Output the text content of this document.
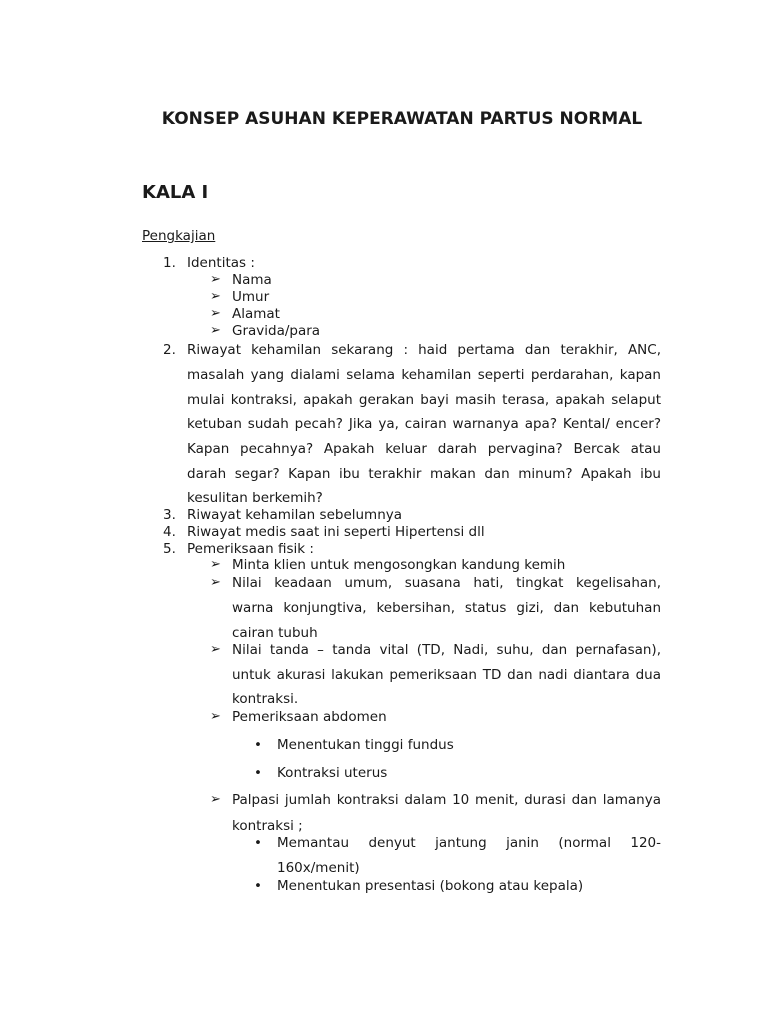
KONSEP ASUHAN KEPERAWATAN PARTUS NORMAL
KALA I
Pengkajian
1. Identitas :
➢ Nama
➢ Umur
➢ Alamat
➢ Gravida/para
2. Riwayat kehamilan sekarang : haid pertama dan terakhir, ANC,
masalah yang dialami selama kehamilan seperti perdarahan, kapan
mulai kontraksi, apakah gerakan bayi masih terasa, apakah selaput
ketuban sudah pecah? Jika ya, cairan warnanya apa? Kental/ encer?
Kapan pecahnya? Apakah keluar darah pervagina? Bercak atau
darah segar? Kapan ibu terakhir makan dan minum? Apakah ibu
kesulitan berkemih?
3. Riwayat kehamilan sebelumnya
4. Riwayat medis saat ini seperti Hipertensi dll
5. Pemeriksaan fisik :
➢ Minta klien untuk mengosongkan kandung kemih
➢ Nilai keadaan umum, suasana hati, tingkat kegelisahan,
warna konjungtiva, kebersihan, status gizi, dan kebutuhan
cairan tubuh
➢ Nilai tanda – tanda vital (TD, Nadi, suhu, dan pernafasan),
untuk akurasi lakukan pemeriksaan TD dan nadi diantara dua
kontraksi.
➢ Pemeriksaan abdomen
• Menentukan tinggi fundus
• Kontraksi uterus
➢ Palpasi jumlah kontraksi dalam 10 menit, durasi dan lamanya
kontraksi ;
• Memantau denyut jantung janin (normal 120-
160x/menit)
• Menentukan presentasi (bokong atau kepala)
